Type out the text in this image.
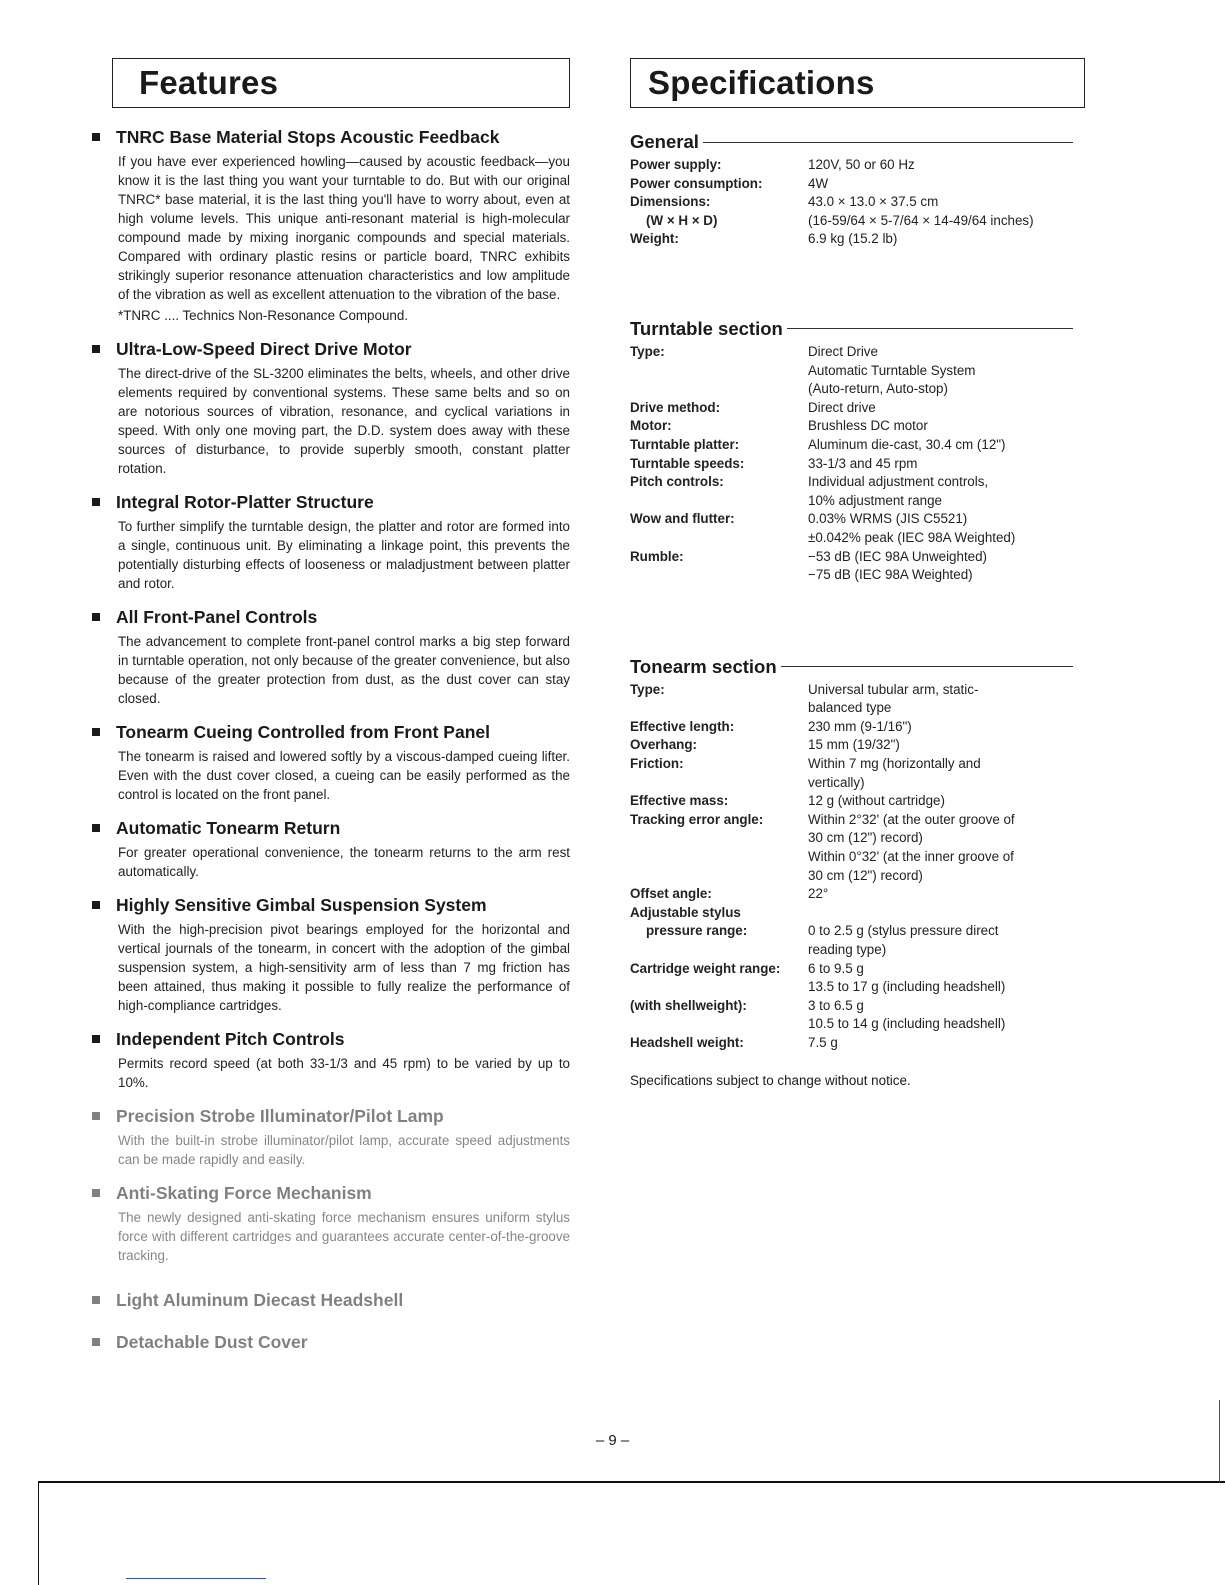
Features
TNRC Base Material Stops Acoustic Feedback
If you have ever experienced howling—caused by acoustic feedback—you know it is the last thing you want your turntable to do. But with our original TNRC* base material, it is the last thing you'll have to worry about, even at high volume levels. This unique anti-resonant material is high-molecular compound made by mixing inorganic compounds and special materials. Compared with ordinary plastic resins or particle board, TNRC exhibits strikingly superior resonance attenuation characteristics and low amplitude of the vibration as well as excellent attenuation to the vibration of the base.
*TNRC .... Technics Non-Resonance Compound.
Ultra-Low-Speed Direct Drive Motor
The direct-drive of the SL-3200 eliminates the belts, wheels, and other drive elements required by conventional systems. These same belts and so on are notorious sources of vibration, resonance, and cyclical variations in speed. With only one moving part, the D.D. system does away with these sources of disturbance, to provide superbly smooth, constant platter rotation.
Integral Rotor-Platter Structure
To further simplify the turntable design, the platter and rotor are formed into a single, continuous unit. By eliminating a linkage point, this prevents the potentially disturbing effects of looseness or maladjustment between platter and rotor.
All Front-Panel Controls
The advancement to complete front-panel control marks a big step forward in turntable operation, not only because of the greater convenience, but also because of the greater protection from dust, as the dust cover can stay closed.
Tonearm Cueing Controlled from Front Panel
The tonearm is raised and lowered softly by a viscous-damped cueing lifter. Even with the dust cover closed, a cueing can be easily performed as the control is located on the front panel.
Automatic Tonearm Return
For greater operational convenience, the tonearm returns to the arm rest automatically.
Highly Sensitive Gimbal Suspension System
With the high-precision pivot bearings employed for the horizontal and vertical journals of the tonearm, in concert with the adoption of the gimbal suspension system, a high-sensitivity arm of less than 7 mg friction has been attained, thus making it possible to fully realize the performance of high-compliance cartridges.
Independent Pitch Controls
Permits record speed (at both 33-1/3 and 45 rpm) to be varied by up to 10%.
Precision Strobe Illuminator/Pilot Lamp
With the built-in strobe illuminator/pilot lamp, accurate speed adjustments can be made rapidly and easily.
Anti-Skating Force Mechanism
The newly designed anti-skating force mechanism ensures uniform stylus force with different cartridges and guarantees accurate center-of-the-groove tracking.
Light Aluminum Diecast Headshell
Detachable Dust Cover
Specifications
General
Power supply:	120V, 50 or 60 Hz
Power consumption:	4W
Dimensions:	43.0 × 13.0 × 37.5 cm
(W × H × D)	(16-59/64 × 5-7/64 × 14-49/64 inches)
Weight:	6.9 kg (15.2 lb)
Turntable section
Type:	Direct Drive
Automatic Turntable System
(Auto-return, Auto-stop)
Drive method:	Direct drive
Motor:	Brushless DC motor
Turntable platter:	Aluminum die-cast, 30.4 cm (12")
Turntable speeds:	33-1/3 and 45 rpm
Pitch controls:	Individual adjustment controls,
10% adjustment range
Wow and flutter:	0.03% WRMS (JIS C5521)
±0.042% peak (IEC 98A Weighted)
Rumble:	−53 dB (IEC 98A Unweighted)
−75 dB (IEC 98A Weighted)
Tonearm section
Type:	Universal tubular arm, static-
balanced type
Effective length:	230 mm (9-1/16")
Overhang:	15 mm (19/32")
Friction:	Within 7 mg (horizontally and
vertically)
Effective mass:	12 g (without cartridge)
Tracking error angle:	Within 2°32' (at the outer groove of
30 cm (12") record)
Within 0°32' (at the inner groove of
30 cm (12") record)
Offset angle:	22°
Adjustable stylus
pressure range:	0 to 2.5 g (stylus pressure direct
reading type)
Cartridge weight range:	6 to 9.5 g
13.5 to 17 g (including headshell)
(with shellweight):	3 to 6.5 g
10.5 to 14 g (including headshell)
Headshell weight:	7.5 g
Specifications subject to change without notice.
– 9 –
